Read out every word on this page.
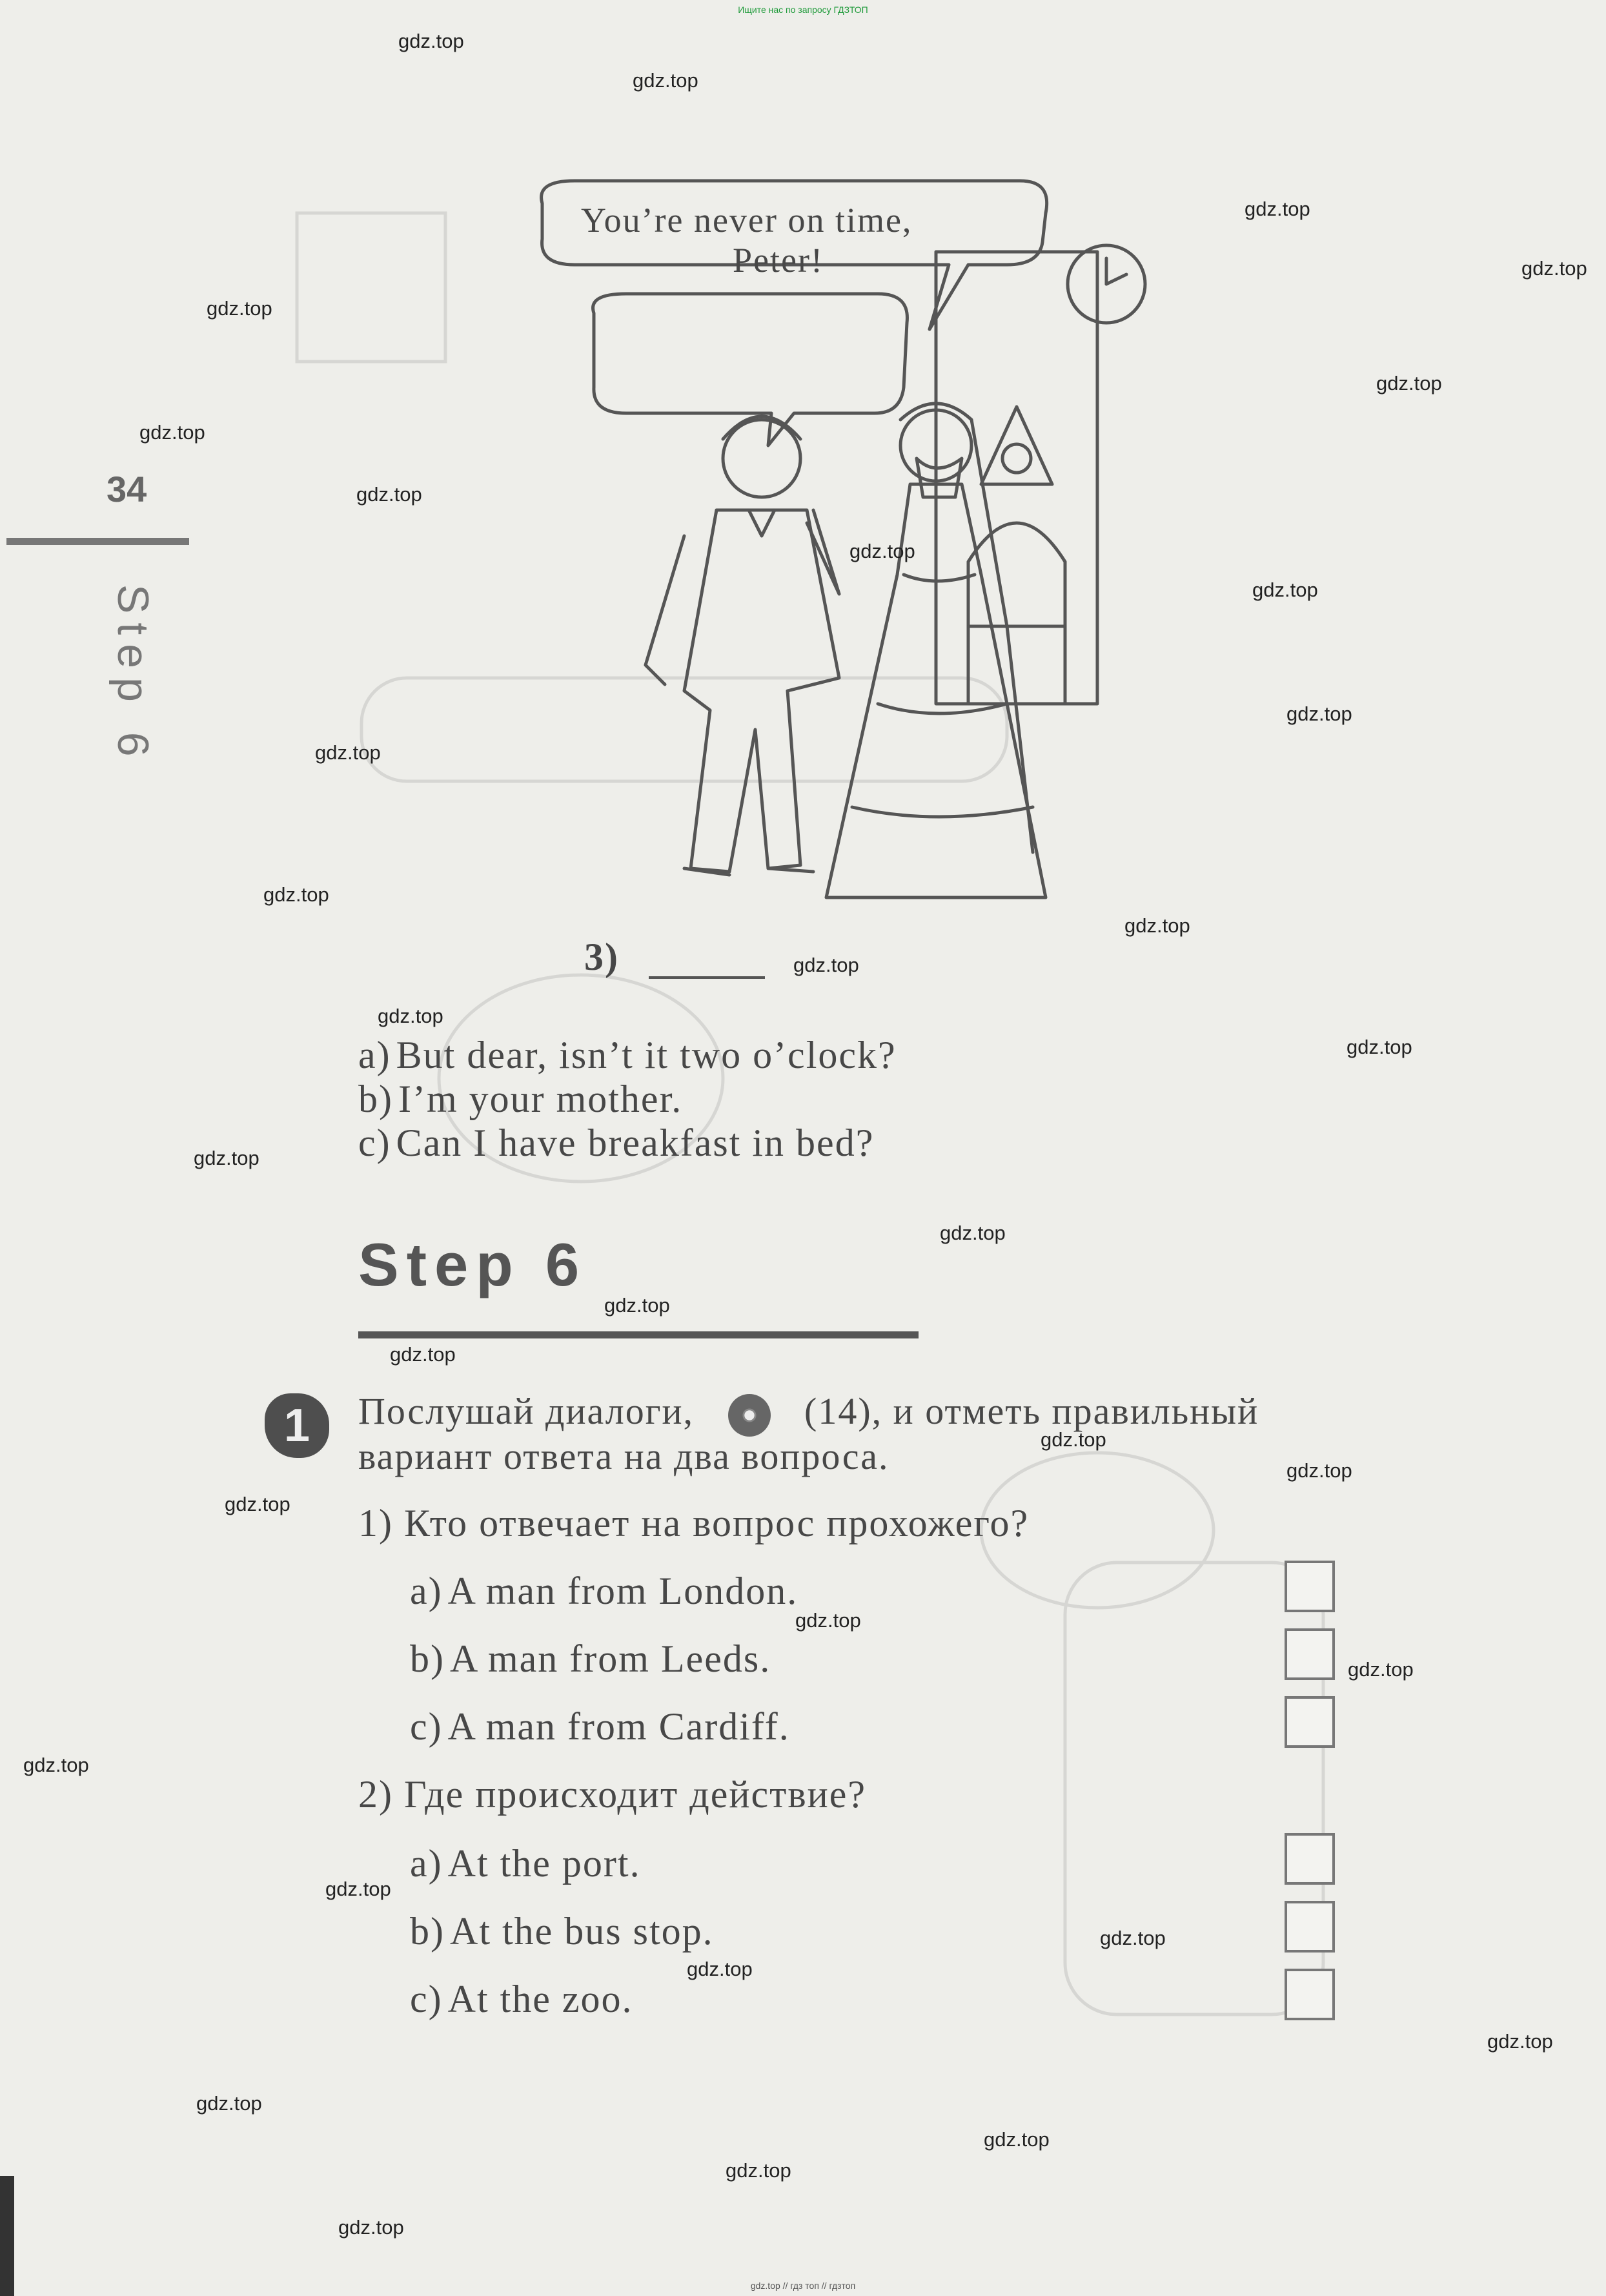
Ищите нас по запросу ГДЗТОП
gdz.top // гдз топ // гдзтоп
34
Step 6
You’re never on time,
Peter!
3)
a) But dear, isn’t it two o’clock?
b) I’m your mother.
c) Can I have breakfast in bed?
Step 6
1	Послушай диалоги,	(14), и отметь правильный
вариант ответа на два вопроса.
1) Кто отвечает на вопрос прохожего?
a) A man from London.
b) A man from Leeds.
c) A man from Cardiff.
2) Где происходит действие?
a) At the port.
b) At the bus stop.
c) At the zoo.
gdz.top
gdz.top
gdz.top
gdz.top
gdz.top
gdz.top
gdz.top
gdz.top
gdz.top
gdz.top
gdz.top
gdz.top
gdz.top
gdz.top
gdz.top
gdz.top
gdz.top
gdz.top
gdz.top
gdz.top
gdz.top
gdz.top
gdz.top
gdz.top
gdz.top
gdz.top
gdz.top
gdz.top
gdz.top
gdz.top
gdz.top
gdz.top
gdz.top
gdz.top
gdz.top
